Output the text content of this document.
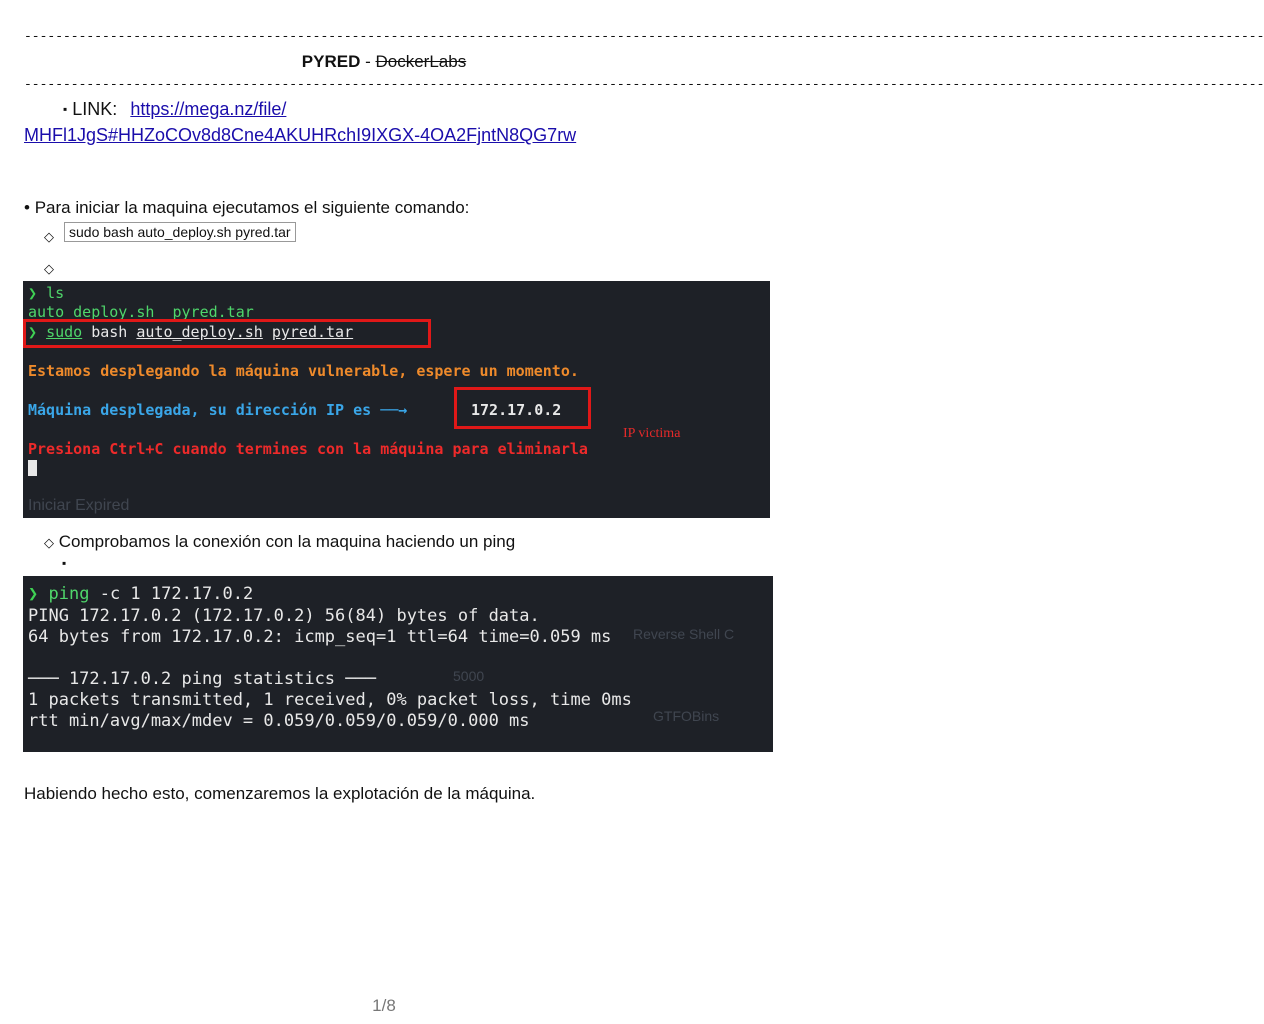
---------------------------------------------------------------------------------------------------------------------------------------------------------------
PYRED - DockerLabs
---------------------------------------------------------------------------------------------------------------------------------------------------------------
▪ LINK: https://mega.nz/file/
MHFl1JgS#HHZoCOv8d8Cne4AKUHRchI9IXGX-4OA2FjntN8QG7rw
• Para iniciar la maquina ejecutamos el siguiente comando:
◇	sudo bash auto_deploy.sh pyred.tar
◇
Iniciar Expired
❯ ls
auto_deploy.sh  pyred.tar
❯ sudo bash auto_deploy.sh pyred.tar
Estamos desplegando la máquina vulnerable, espere un momento.
Máquina desplegada, su dirección IP es ──→	172.17.0.2
IP victima
Presiona Ctrl+C cuando termines con la máquina para eliminarla
◇ Comprobamos la conexión con la maquina haciendo un ping
▪
Reverse Shell C
5000
GTFOBins
❯ ping -c 1 172.17.0.2
PING 172.17.0.2 (172.17.0.2) 56(84) bytes of data.
64 bytes from 172.17.0.2: icmp_seq=1 ttl=64 time=0.059 ms
─── 172.17.0.2 ping statistics ───
1 packets transmitted, 1 received, 0% packet loss, time 0ms
rtt min/avg/max/mdev = 0.059/0.059/0.059/0.000 ms
Habiendo hecho esto, comenzaremos la explotación de la máquina.
1/8
